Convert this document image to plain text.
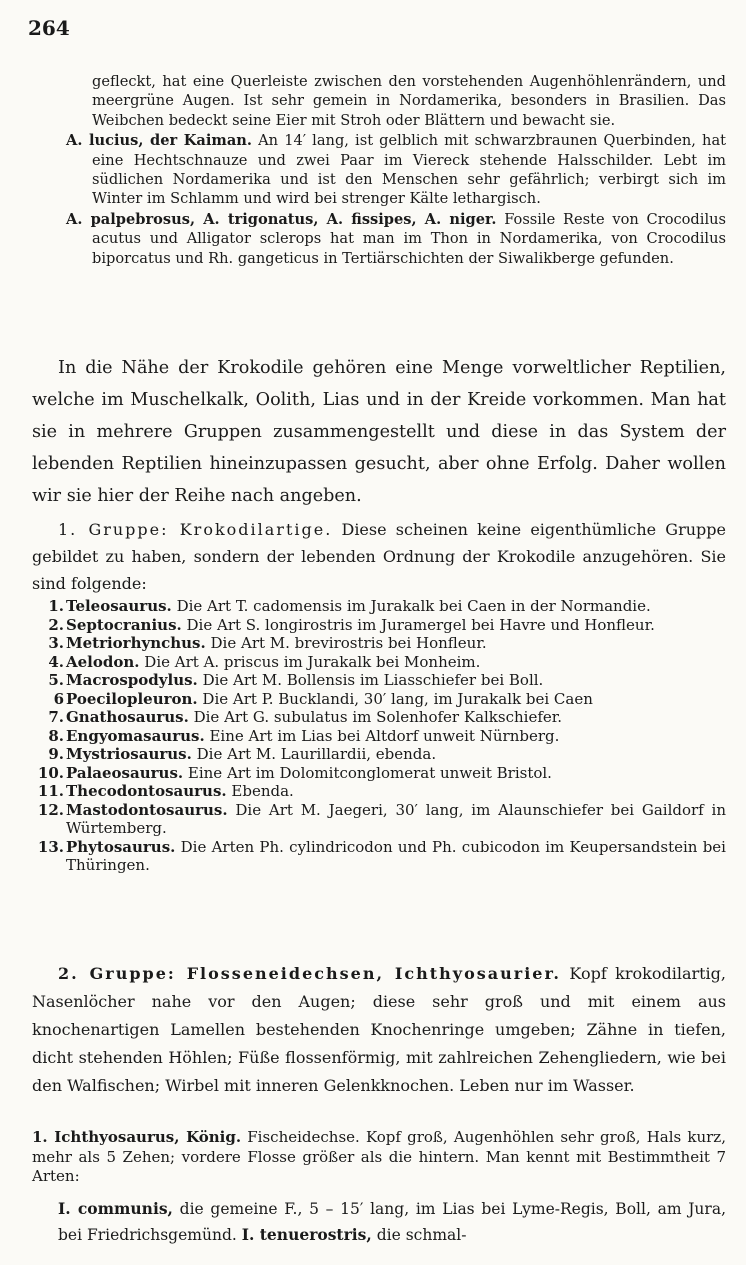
264

gefleckt, hat eine Querleiste zwischen den vorstehenden Augenhöhlenrändern, und meergrüne Augen. Ist sehr gemein in Nordamerika, besonders in Brasilien. Das Weibchen bedeckt seine Eier mit Stroh oder Blättern und bewacht sie.

A. lucius, der Kaiman. An 14′ lang, ist gelblich mit schwarzbraunen Querbinden, hat eine Hechtschnauze und zwei Paar im Viereck stehende Halsschilder. Lebt im südlichen Nordamerika und ist den Menschen sehr gefährlich; verbirgt sich im Winter im Schlamm und wird bei strenger Kälte lethargisch.

A. palpebrosus, A. trigonatus, A. fissipes, A. niger. Fossile Reste von Crocodilus acutus und Alligator sclerops hat man im Thon in Nordamerika, von Crocodilus biporcatus und Rh. gangeticus in Tertiärschichten der Siwalikberge gefunden.

In die Nähe der Krokodile gehören eine Menge vorweltlicher Reptilien, welche im Muschelkalk, Oolith, Lias und in der Kreide vorkommen. Man hat sie in mehrere Gruppen zusammengestellt und diese in das System der lebenden Reptilien hineinzupassen gesucht, aber ohne Erfolg. Daher wollen wir sie hier der Reihe nach angeben.

1. Gruppe: Krokodilartige. Diese scheinen keine eigenthümliche Gruppe gebildet zu haben, sondern der lebenden Ordnung der Krokodile anzugehören. Sie sind folgende:

1. Teleosaurus. Die Art T. cadomensis im Jurakalk bei Caen in der Normandie.

2. Septocranius. Die Art S. longirostris im Juramergel bei Havre und Honfleur.

3. Metriorhynchus. Die Art M. brevirostris bei Honfleur.

4. Aelodon. Die Art A. priscus im Jurakalk bei Monheim.

5. Macrospodylus. Die Art M. Bollensis im Liasschiefer bei Boll.

6 Poecilopleuron. Die Art P. Bucklandi, 30′ lang, im Jurakalk bei Caen

7. Gnathosaurus. Die Art G. subulatus im Solenhofer Kalkschiefer.

8. Engyomasaurus. Eine Art im Lias bei Altdorf unweit Nürnberg.

9. Mystriosaurus. Die Art M. Laurillardii, ebenda.

10. Palaeosaurus. Eine Art im Dolomitconglomerat unweit Bristol.

11. Thecodontosaurus. Ebenda.

12. Mastodontosaurus. Die Art M. Jaegeri, 30′ lang, im Alaunschiefer bei Gaildorf in Würtemberg.

13. Phytosaurus. Die Arten Ph. cylindricodon und Ph. cubicodon im Keupersandstein bei Thüringen.

2. Gruppe: Flosseneidechsen, Ichthyosaurier. Kopf krokodilartig, Nasenlöcher nahe vor den Augen; diese sehr groß und mit einem aus knochenartigen Lamellen bestehenden Knochenringe umgeben; Zähne in tiefen, dicht stehenden Höhlen; Füße flossenförmig, mit zahlreichen Zehengliedern, wie bei den Walfischen; Wirbel mit inneren Gelenkknochen. Leben nur im Wasser.

1. Ichthyosaurus, König. Fischeidechse. Kopf groß, Augenhöhlen sehr groß, Hals kurz, mehr als 5 Zehen; vordere Flosse größer als die hintern. Man kennt mit Bestimmtheit 7 Arten:

I. communis, die gemeine F., 5 – 15′ lang, im Lias bei Lyme-Regis, Boll, am Jura, bei Friedrichsgemünd. I. tenuerostris, die schmal-
